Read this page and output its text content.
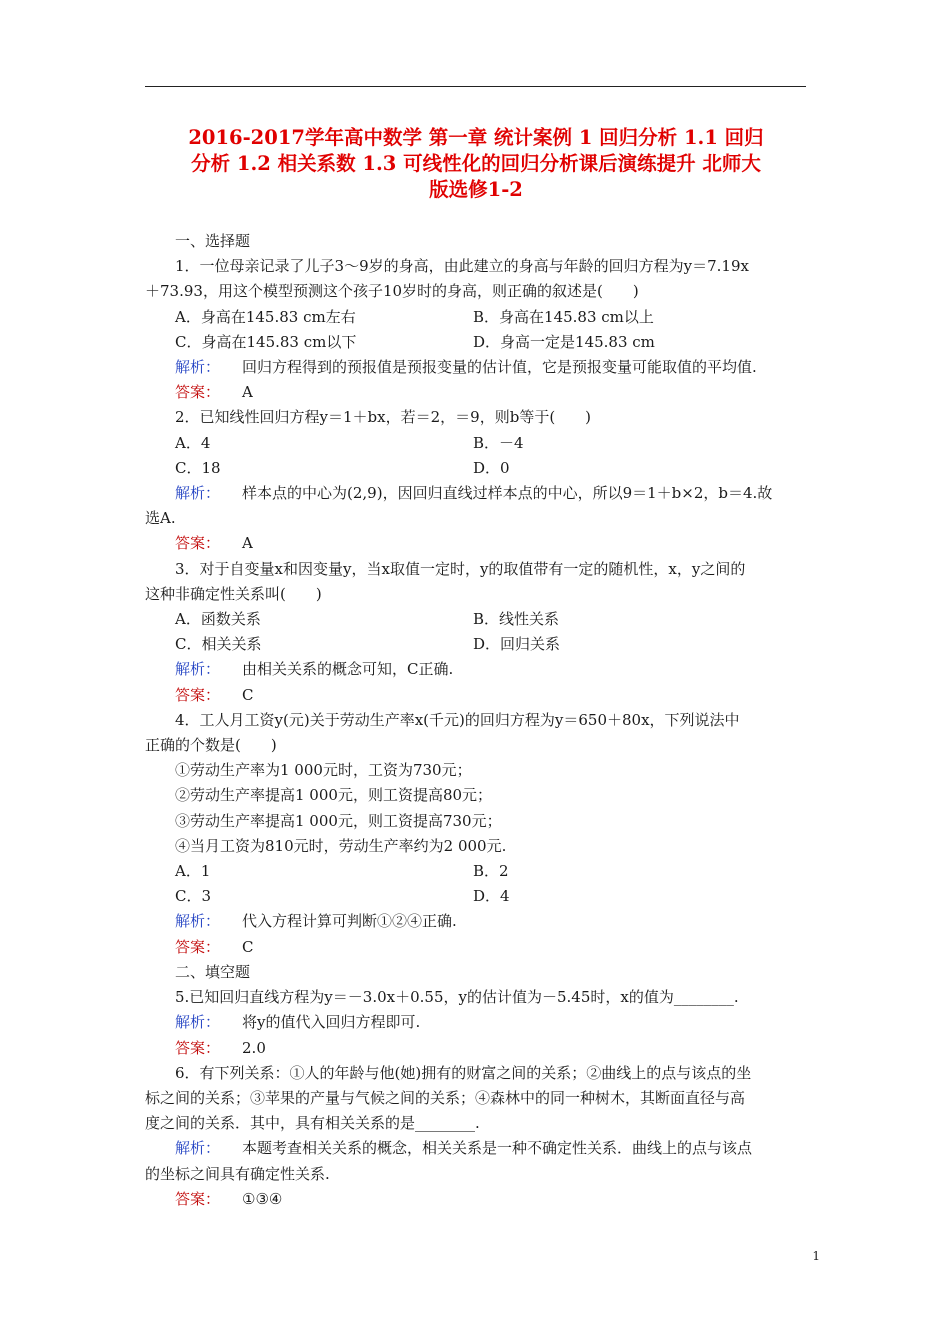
2016-2017学年高中数学 第一章 统计案例 1 回归分析 1.1 回归
分析 1.2 相关系数 1.3 可线性化的回归分析课后演练提升 北师大
版选修1-2

一、选择题

1．一位母亲记录了儿子3～9岁的身高，由此建立的身高与年龄的回归方程为y＝7.19x

＋73.93，用这个模型预测这个孩子10岁时的身高，则正确的叙述是(　　)

A．身高在145.83 cm左右	B．身高在145.83 cm以上
C．身高在145.83 cm以下	D．身高一定是145.83 cm

解析： 回归方程得到的预报值是预报变量的估计值，它是预报变量可能取值的平均值.

答案： A

2．已知线性回归方程y＝1＋bx，若＝2，＝9，则b等于(　　)

A．4	B．－4
C．18	D．0

解析： 样本点的中心为(2,9)，因回归直线过样本点的中心，所以9＝1＋b×2，b＝4.故

选A.

答案： A

3．对于自变量x和因变量y，当x取值一定时，y的取值带有一定的随机性，x，y之间的

这种非确定性关系叫(　　)

A．函数关系	B．线性关系
C．相关关系	D．回归关系

解析： 由相关关系的概念可知，C正确.

答案： C

4．工人月工资y(元)关于劳动生产率x(千元)的回归方程为y＝650＋80x，下列说法中

正确的个数是(　　)

①劳动生产率为1 000元时，工资为730元；

②劳动生产率提高1 000元，则工资提高80元；

③劳动生产率提高1 000元，则工资提高730元；

④当月工资为810元时，劳动生产率约为2 000元.

A．1	B．2
C．3	D．4

解析： 代入方程计算可判断①②④正确.

答案： C

二、填空题

5.已知回归直线方程为y＝－3.0x＋0.55，y的估计值为－5.45时，x的值为________.

解析： 将y的值代入回归方程即可.

答案： 2.0

6．有下列关系：①人的年龄与他(她)拥有的财富之间的关系；②曲线上的点与该点的坐

标之间的关系；③苹果的产量与气候之间的关系；④森林中的同一种树木，其断面直径与高

度之间的关系．其中，具有相关关系的是________.

解析： 本题考查相关关系的概念，相关关系是一种不确定性关系．曲线上的点与该点

的坐标之间具有确定性关系.

答案： ①③④

1
